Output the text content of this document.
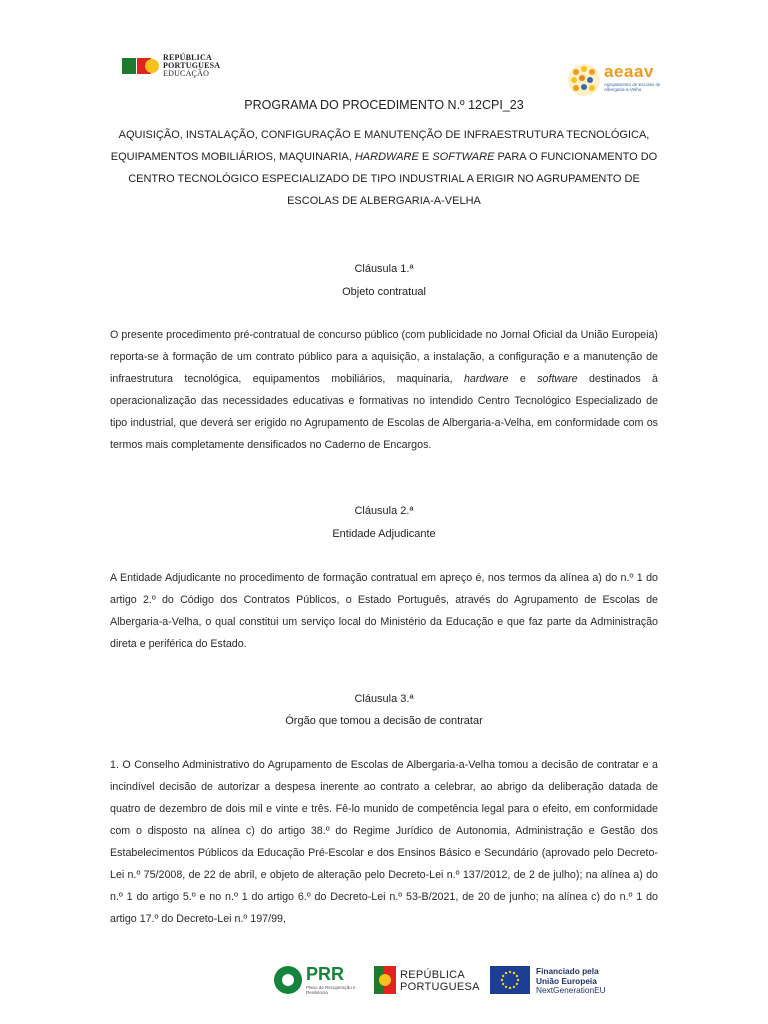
REPÚBLICA
PORTUGUESA
EDUCAÇÃO	aeaav
Agrupamento de Escolas de Albergaria-a-Velha
PROGRAMA DO PROCEDIMENTO N.º 12CPI_23
AQUISIÇÃO, INSTALAÇÃO, CONFIGURAÇÃO E MANUTENÇÃO DE INFRAESTRUTURA TECNOLÓGICA, EQUIPAMENTOS MOBILIÁRIOS, MAQUINARIA, HARDWARE E SOFTWARE PARA O FUNCIONAMENTO DO CENTRO TECNOLÓGICO ESPECIALIZADO DE TIPO INDUSTRIAL A ERIGIR NO AGRUPAMENTO DE ESCOLAS DE ALBERGARIA-A-VELHA
Cláusula 1.ª
Objeto contratual
O presente procedimento pré-contratual de concurso público (com publicidade no Jornal Oficial da União Europeia) reporta-se à formação de um contrato público para a aquisição, a instalação, a configuração e a manutenção de infraestrutura tecnológica, equipamentos mobiliários, maquinaria, hardware e software destinados à operacionalização das necessidades educativas e formativas no intendido Centro Tecnológico Especializado de tipo industrial, que deverá ser erigido no Agrupamento de Escolas de Albergaria-a-Velha, em conformidade com os termos mais completamente densificados no Caderno de Encargos.
Cláusula 2.ª
Entidade Adjudicante
A Entidade Adjudicante no procedimento de formação contratual em apreço é, nos termos da alínea a) do n.º 1 do artigo 2.º do Código dos Contratos Públicos, o Estado Português, através do Agrupamento de Escolas de Albergaria-a-Velha, o qual constitui um serviço local do Ministério da Educação e que faz parte da Administração direta e periférica do Estado.
Cláusula 3.ª
Órgão que tomou a decisão de contratar
1. O Conselho Administrativo do Agrupamento de Escolas de Albergaria-a-Velha tomou a decisão de contratar e a incindível decisão de autorizar a despesa inerente ao contrato a celebrar, ao abrigo da deliberação datada de quatro de dezembro de dois mil e vinte e três. Fê-lo munido de competência legal para o efeito, em conformidade com o disposto na alínea c) do artigo 38.º do Regime Jurídico de Autonomia, Administração e Gestão dos Estabelecimentos Públicos da Educação Pré-Escolar e dos Ensinos Básico e Secundário (aprovado pelo Decreto-Lei n.º 75/2008, de 22 de abril, e objeto de alteração pelo Decreto-Lei n.º 137/2012, de 2 de julho); na alínea a) do n.º 1 do artigo 5.º e no n.º 1 do artigo 6.º do Decreto-Lei n.º 53-B/2021, de 20 de junho; na alínea c) do n.º 1 do artigo 17.º do Decreto-Lei n.º 197/99,
PRR
Plano de Recuperação e Resiliência
REPÚBLICA
PORTUGUESA
Financiado pela
União Europeia
NextGenerationEU
